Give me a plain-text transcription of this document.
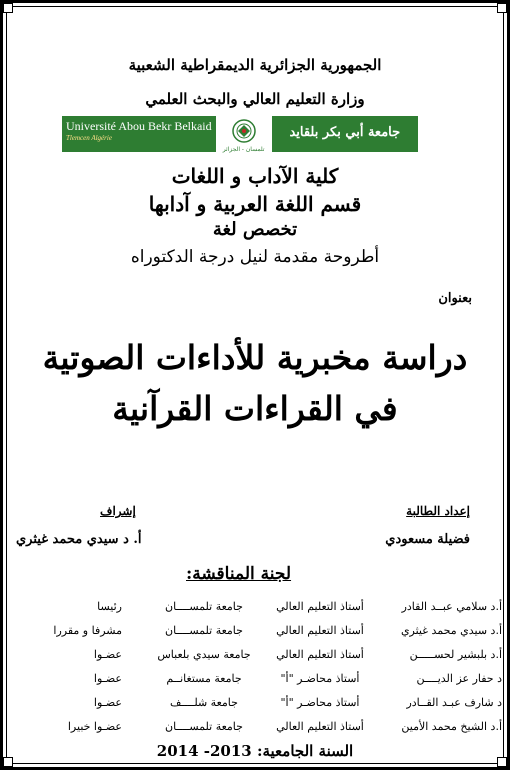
الجمهورية الجزائرية الديمقراطية الشعبية
وزارة التعليم العالي والبحث العلمي
Université Abou Bekr Belkaid
Tlemcen Algérie
تلمسان - الجزائر
جامعة أبي بكر بلقايد
كلية الآداب و اللغات
قسم اللغة العربية و آدابها
تخصص لغة
أطروحة مقدمة لنيل درجة الدكتوراه
بعنوان
دراسة مخبرية للأداءات الصوتية
في القراءات القرآنية
إعداد الطالبة
إشراف
فضيلة مسعودي
أ. د سيدي محمد غيثري
لجنة المناقشة:
أ.د سلامي عبــد القادر
أستاذ التعليم العالي
جامعة تلمســــان
رئيسا
أ.د سيدي محمد غيثري
أستاذ التعليم العالي
جامعة تلمســــان
مشرفا و مقررا
أ.د بلبشير لحســـــن
أستاذ التعليم العالي
جامعة سيدي بلعباس
عضـوا
د حفار عز الديــــن
أستاذ محاضـر "أ"
جامعة مستغانــم
عضـوا
د شارف عبـد القــادر
أستاذ محاضـر "أ"
جامعة شلــــف
عضـوا
أ.د الشيخ محمد الأمين
أستاذ التعليم العالي
جامعة تلمســــان
عضـوا خبيرا
السنة الجامعية: 2013- 2014
